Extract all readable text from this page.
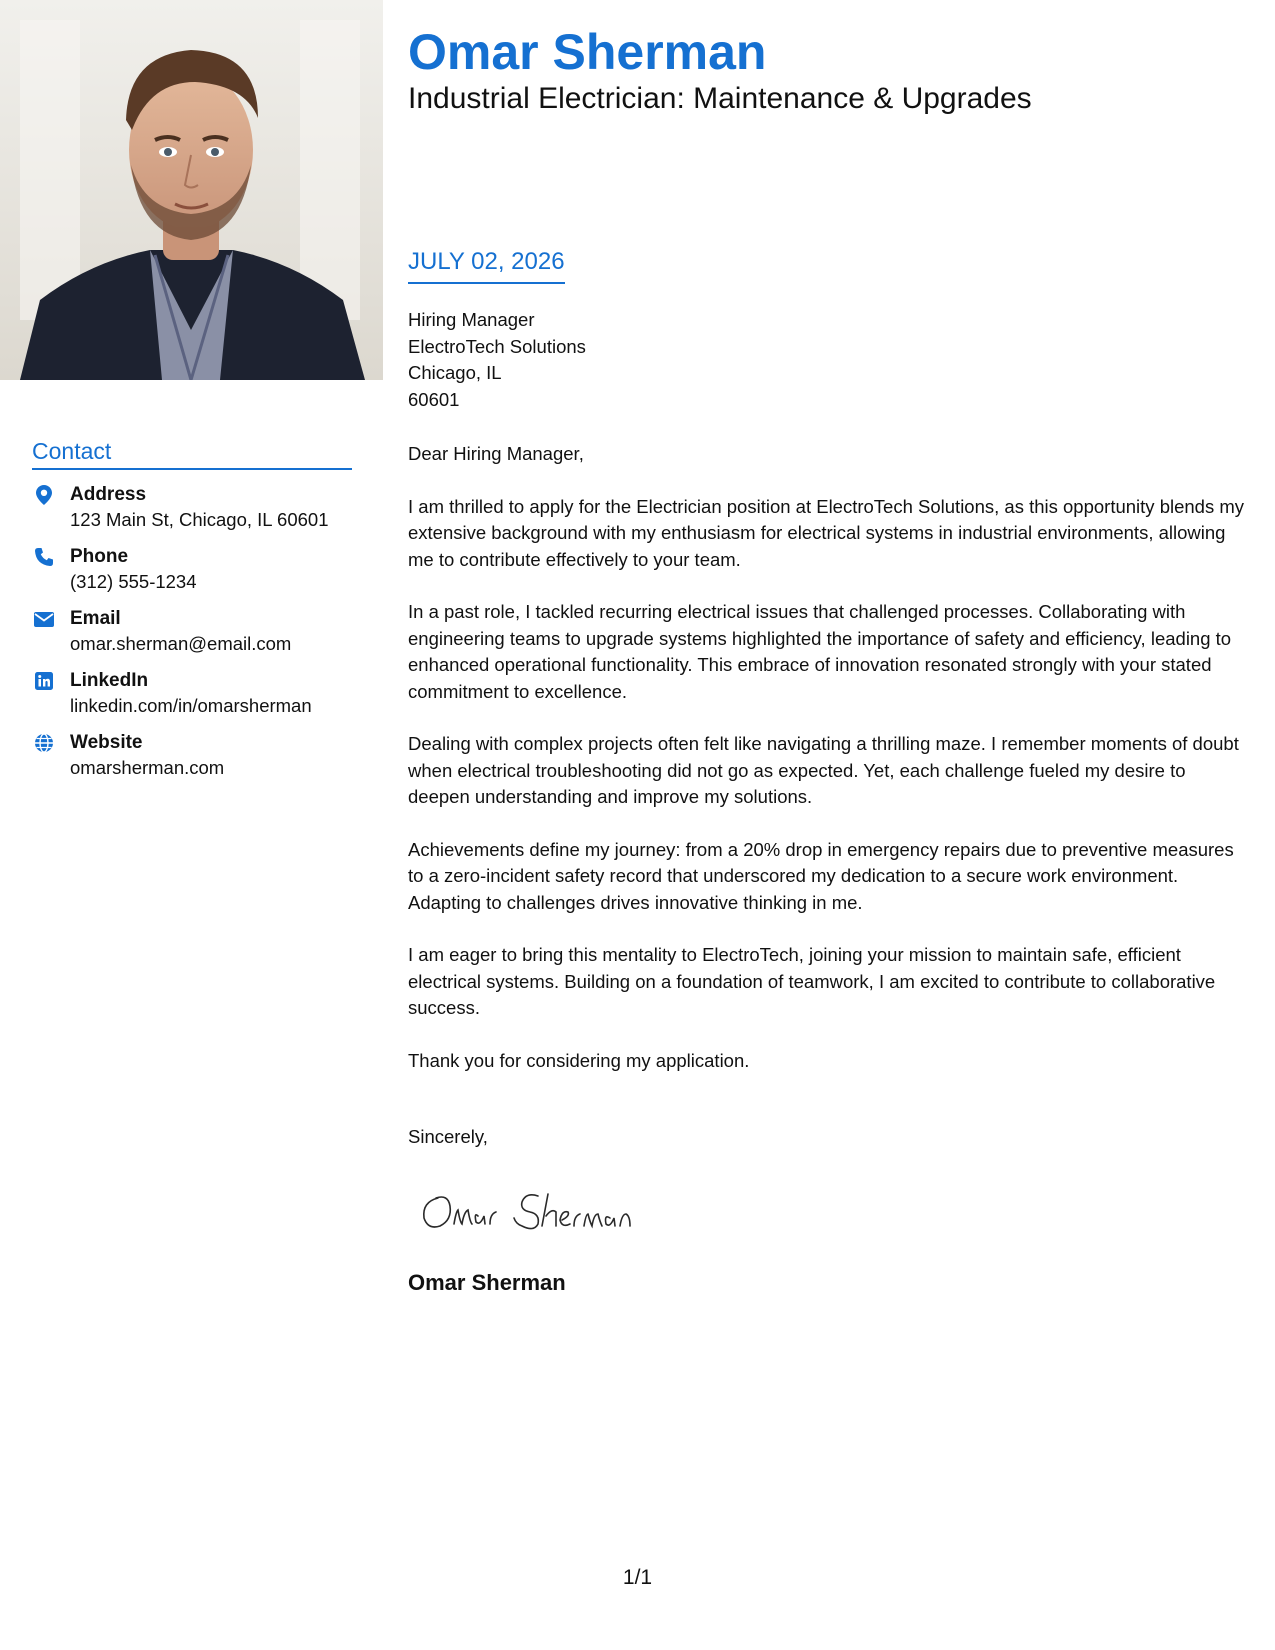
Contact
Address
123 Main St, Chicago, IL 60601
Phone
(312) 555-1234
Email
omar.sherman@email.com
LinkedIn
linkedin.com/in/omarsherman
Website
omarsherman.com
Omar Sherman
Industrial Electrician: Maintenance & Upgrades
JULY 02, 2026
Hiring Manager
ElectroTech Solutions
Chicago, IL
60601

Dear Hiring Manager,

I am thrilled to apply for the Electrician position at ElectroTech Solutions, as this opportunity blends my extensive background with my enthusiasm for electrical systems in industrial environments, allowing me to contribute effectively to your team.

In a past role, I tackled recurring electrical issues that challenged processes. Collaborating with engineering teams to upgrade systems highlighted the importance of safety and efficiency, leading to enhanced operational functionality. This embrace of innovation resonated strongly with your stated commitment to excellence.

Dealing with complex projects often felt like navigating a thrilling maze. I remember moments of doubt when electrical troubleshooting did not go as expected. Yet, each challenge fueled my desire to deepen understanding and improve my solutions.

Achievements define my journey: from a 20% drop in emergency repairs due to preventive measures to a zero-incident safety record that underscored my dedication to a secure work environment. Adapting to challenges drives innovative thinking in me.

I am eager to bring this mentality to ElectroTech, joining your mission to maintain safe, efficient electrical systems. Building on a foundation of teamwork, I am excited to contribute to collaborative success.

Thank you for considering my application.

Sincerely,
Omar Sherman
1/1
